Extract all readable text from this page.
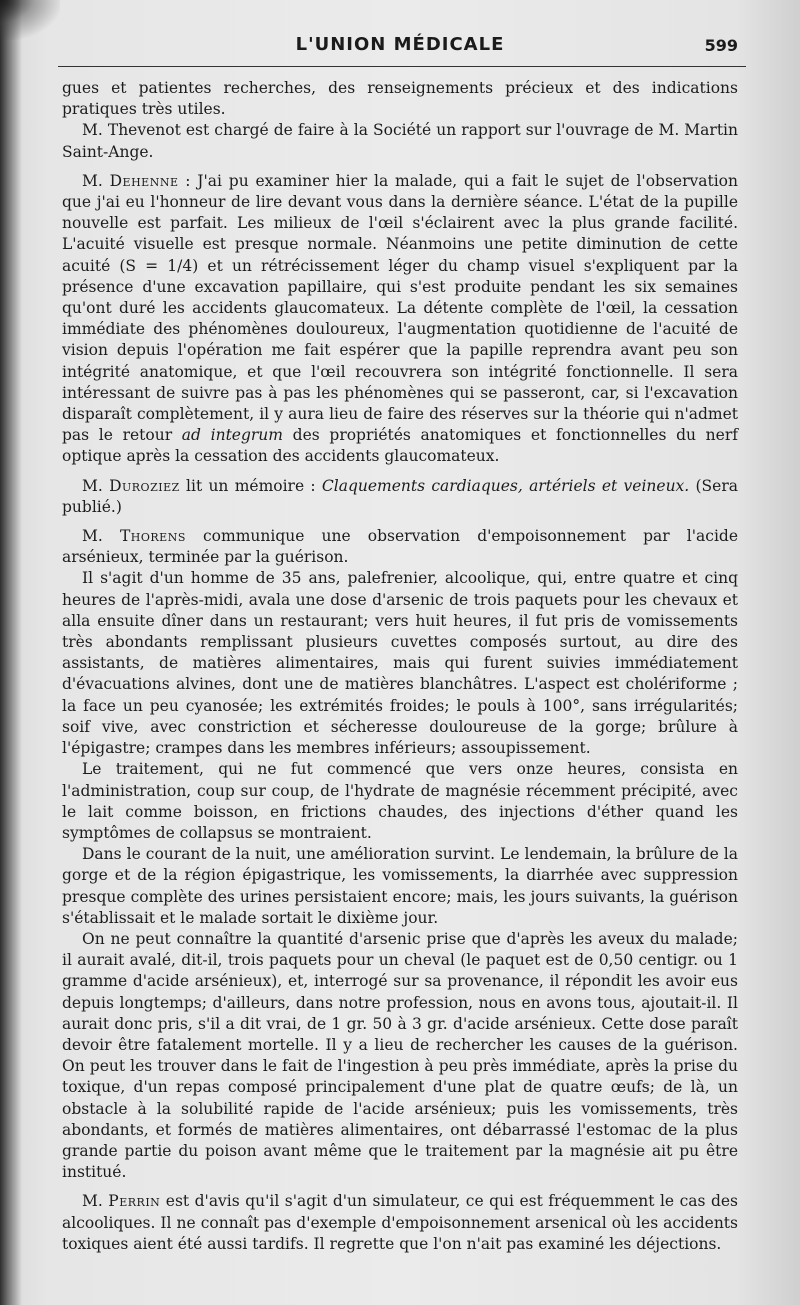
L'UNION MÉDICALE	599

gues et patientes recherches, des renseignements précieux et des indications pratiques très utiles.

M. Thevenot est chargé de faire à la Société un rapport sur l'ouvrage de M. Martin Saint-Ange.

M. Dehenne : J'ai pu examiner hier la malade, qui a fait le sujet de l'observation que j'ai eu l'honneur de lire devant vous dans la dernière séance. L'état de la pupille nouvelle est parfait. Les milieux de l'œil s'éclairent avec la plus grande facilité. L'acuité visuelle est presque normale. Néanmoins une petite diminution de cette acuité (S = 1/4) et un rétrécissement léger du champ visuel s'expliquent par la présence d'une excavation papillaire, qui s'est produite pendant les six semaines qu'ont duré les accidents glaucomateux. La détente complète de l'œil, la cessation immédiate des phénomènes douloureux, l'augmentation quotidienne de l'acuité de vision depuis l'opération me fait espérer que la papille reprendra avant peu son intégrité anatomique, et que l'œil recouvrera son intégrité fonctionnelle. Il sera intéressant de suivre pas à pas les phénomènes qui se passeront, car, si l'excavation disparaît complètement, il y aura lieu de faire des réserves sur la théorie qui n'admet pas le retour ad integrum des propriétés anatomiques et fonctionnelles du nerf optique après la cessation des accidents glaucomateux.

M. Duroziez lit un mémoire : Claquements cardiaques, artériels et veineux. (Sera publié.)

M. Thorens communique une observation d'empoisonnement par l'acide arsénieux, terminée par la guérison.

Il s'agit d'un homme de 35 ans, palefrenier, alcoolique, qui, entre quatre et cinq heures de l'après-midi, avala une dose d'arsenic de trois paquets pour les chevaux et alla ensuite dîner dans un restaurant; vers huit heures, il fut pris de vomissements très abondants remplissant plusieurs cuvettes composés surtout, au dire des assistants, de matières alimentaires, mais qui furent suivies immédiatement d'évacuations alvines, dont une de matières blanchâtres. L'aspect est cholériforme ; la face un peu cyanosée; les extrémités froides; le pouls à 100°, sans irrégularités; soif vive, avec constriction et sécheresse douloureuse de la gorge; brûlure à l'épigastre; crampes dans les membres inférieurs; assoupissement.

Le traitement, qui ne fut commencé que vers onze heures, consista en l'administration, coup sur coup, de l'hydrate de magnésie récemment précipité, avec le lait comme boisson, en frictions chaudes, des injections d'éther quand les symptômes de collapsus se montraient.

Dans le courant de la nuit, une amélioration survint. Le lendemain, la brûlure de la gorge et de la région épigastrique, les vomissements, la diarrhée avec suppression presque complète des urines persistaient encore; mais, les jours suivants, la guérison s'établissait et le malade sortait le dixième jour.

On ne peut connaître la quantité d'arsenic prise que d'après les aveux du malade; il aurait avalé, dit-il, trois paquets pour un cheval (le paquet est de 0,50 centigr. ou 1 gramme d'acide arsénieux), et, interrogé sur sa provenance, il répondit les avoir eus depuis longtemps; d'ailleurs, dans notre profession, nous en avons tous, ajoutait-il. Il aurait donc pris, s'il a dit vrai, de 1 gr. 50 à 3 gr. d'acide arsénieux. Cette dose paraît devoir être fatalement mortelle. Il y a lieu de rechercher les causes de la guérison. On peut les trouver dans le fait de l'ingestion à peu près immédiate, après la prise du toxique, d'un repas composé principalement d'une plat de quatre œufs; de là, un obstacle à la solubilité rapide de l'acide arsénieux; puis les vomissements, très abondants, et formés de matières alimentaires, ont débarrassé l'estomac de la plus grande partie du poison avant même que le traitement par la magnésie ait pu être institué.

M. Perrin est d'avis qu'il s'agit d'un simulateur, ce qui est fréquemment le cas des alcooliques. Il ne connaît pas d'exemple d'empoisonnement arsenical où les accidents toxiques aient été aussi tardifs. Il regrette que l'on n'ait pas examiné les déjections.
